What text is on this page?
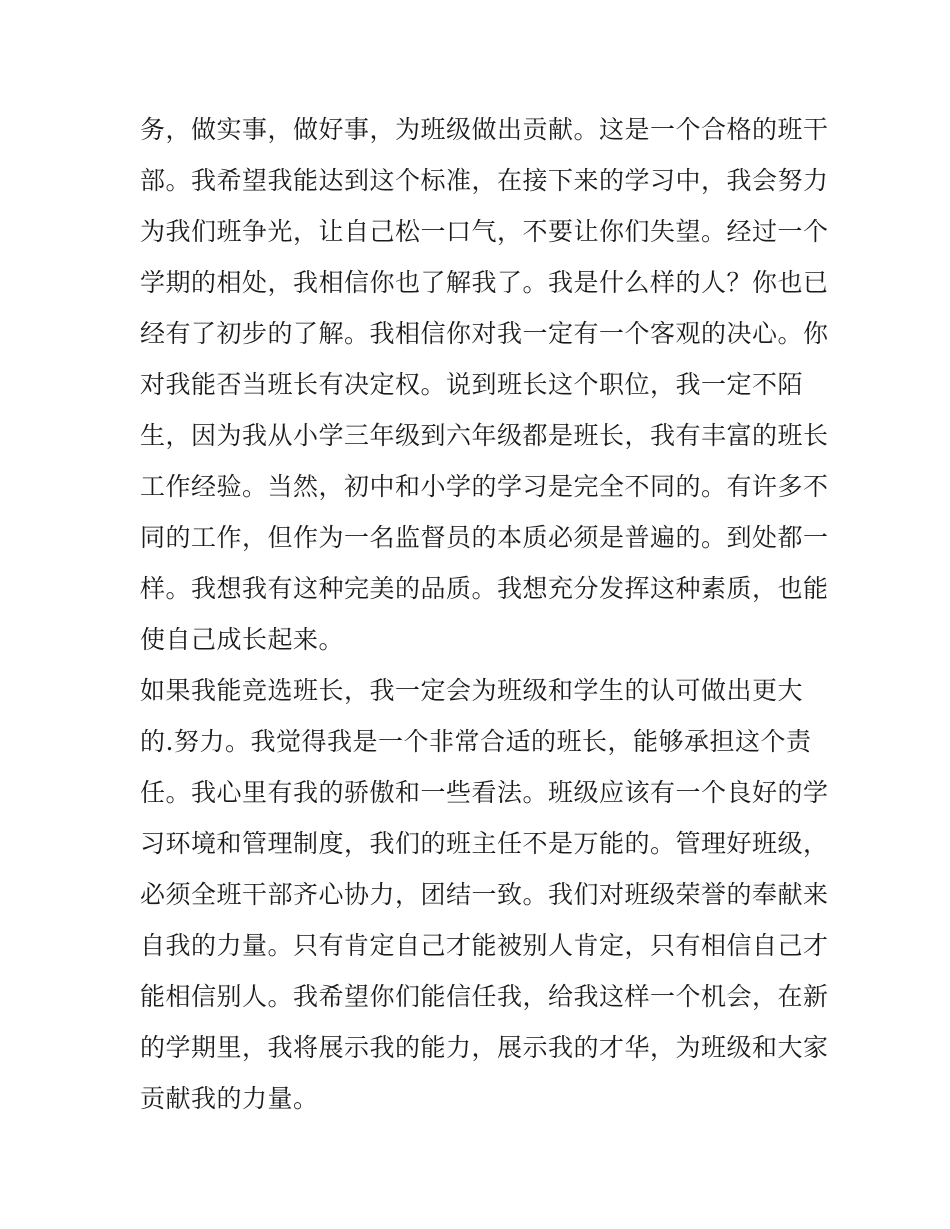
务，做实事，做好事，为班级做出贡献。这是一个合格的班干
部。我希望我能达到这个标准，在接下来的学习中，我会努力
为我们班争光，让自己松一口气，不要让你们失望。经过一个
学期的相处，我相信你也了解我了。我是什么样的人？你也已
经有了初步的了解。我相信你对我一定有一个客观的决心。你
对我能否当班长有决定权。说到班长这个职位，我一定不陌
生，因为我从小学三年级到六年级都是班长，我有丰富的班长
工作经验。当然，初中和小学的学习是完全不同的。有许多不
同的工作，但作为一名监督员的本质必须是普遍的。到处都一
样。我想我有这种完美的品质。我想充分发挥这种素质，也能
使自己成长起来。
如果我能竞选班长，我一定会为班级和学生的认可做出更大
的.努力。我觉得我是一个非常合适的班长，能够承担这个责
任。我心里有我的骄傲和一些看法。班级应该有一个良好的学
习环境和管理制度，我们的班主任不是万能的。管理好班级，
必须全班干部齐心协力，团结一致。我们对班级荣誉的奉献来
自我的力量。只有肯定自己才能被别人肯定，只有相信自己才
能相信别人。我希望你们能信任我，给我这样一个机会，在新
的学期里，我将展示我的能力，展示我的才华，为班级和大家
贡献我的力量。
